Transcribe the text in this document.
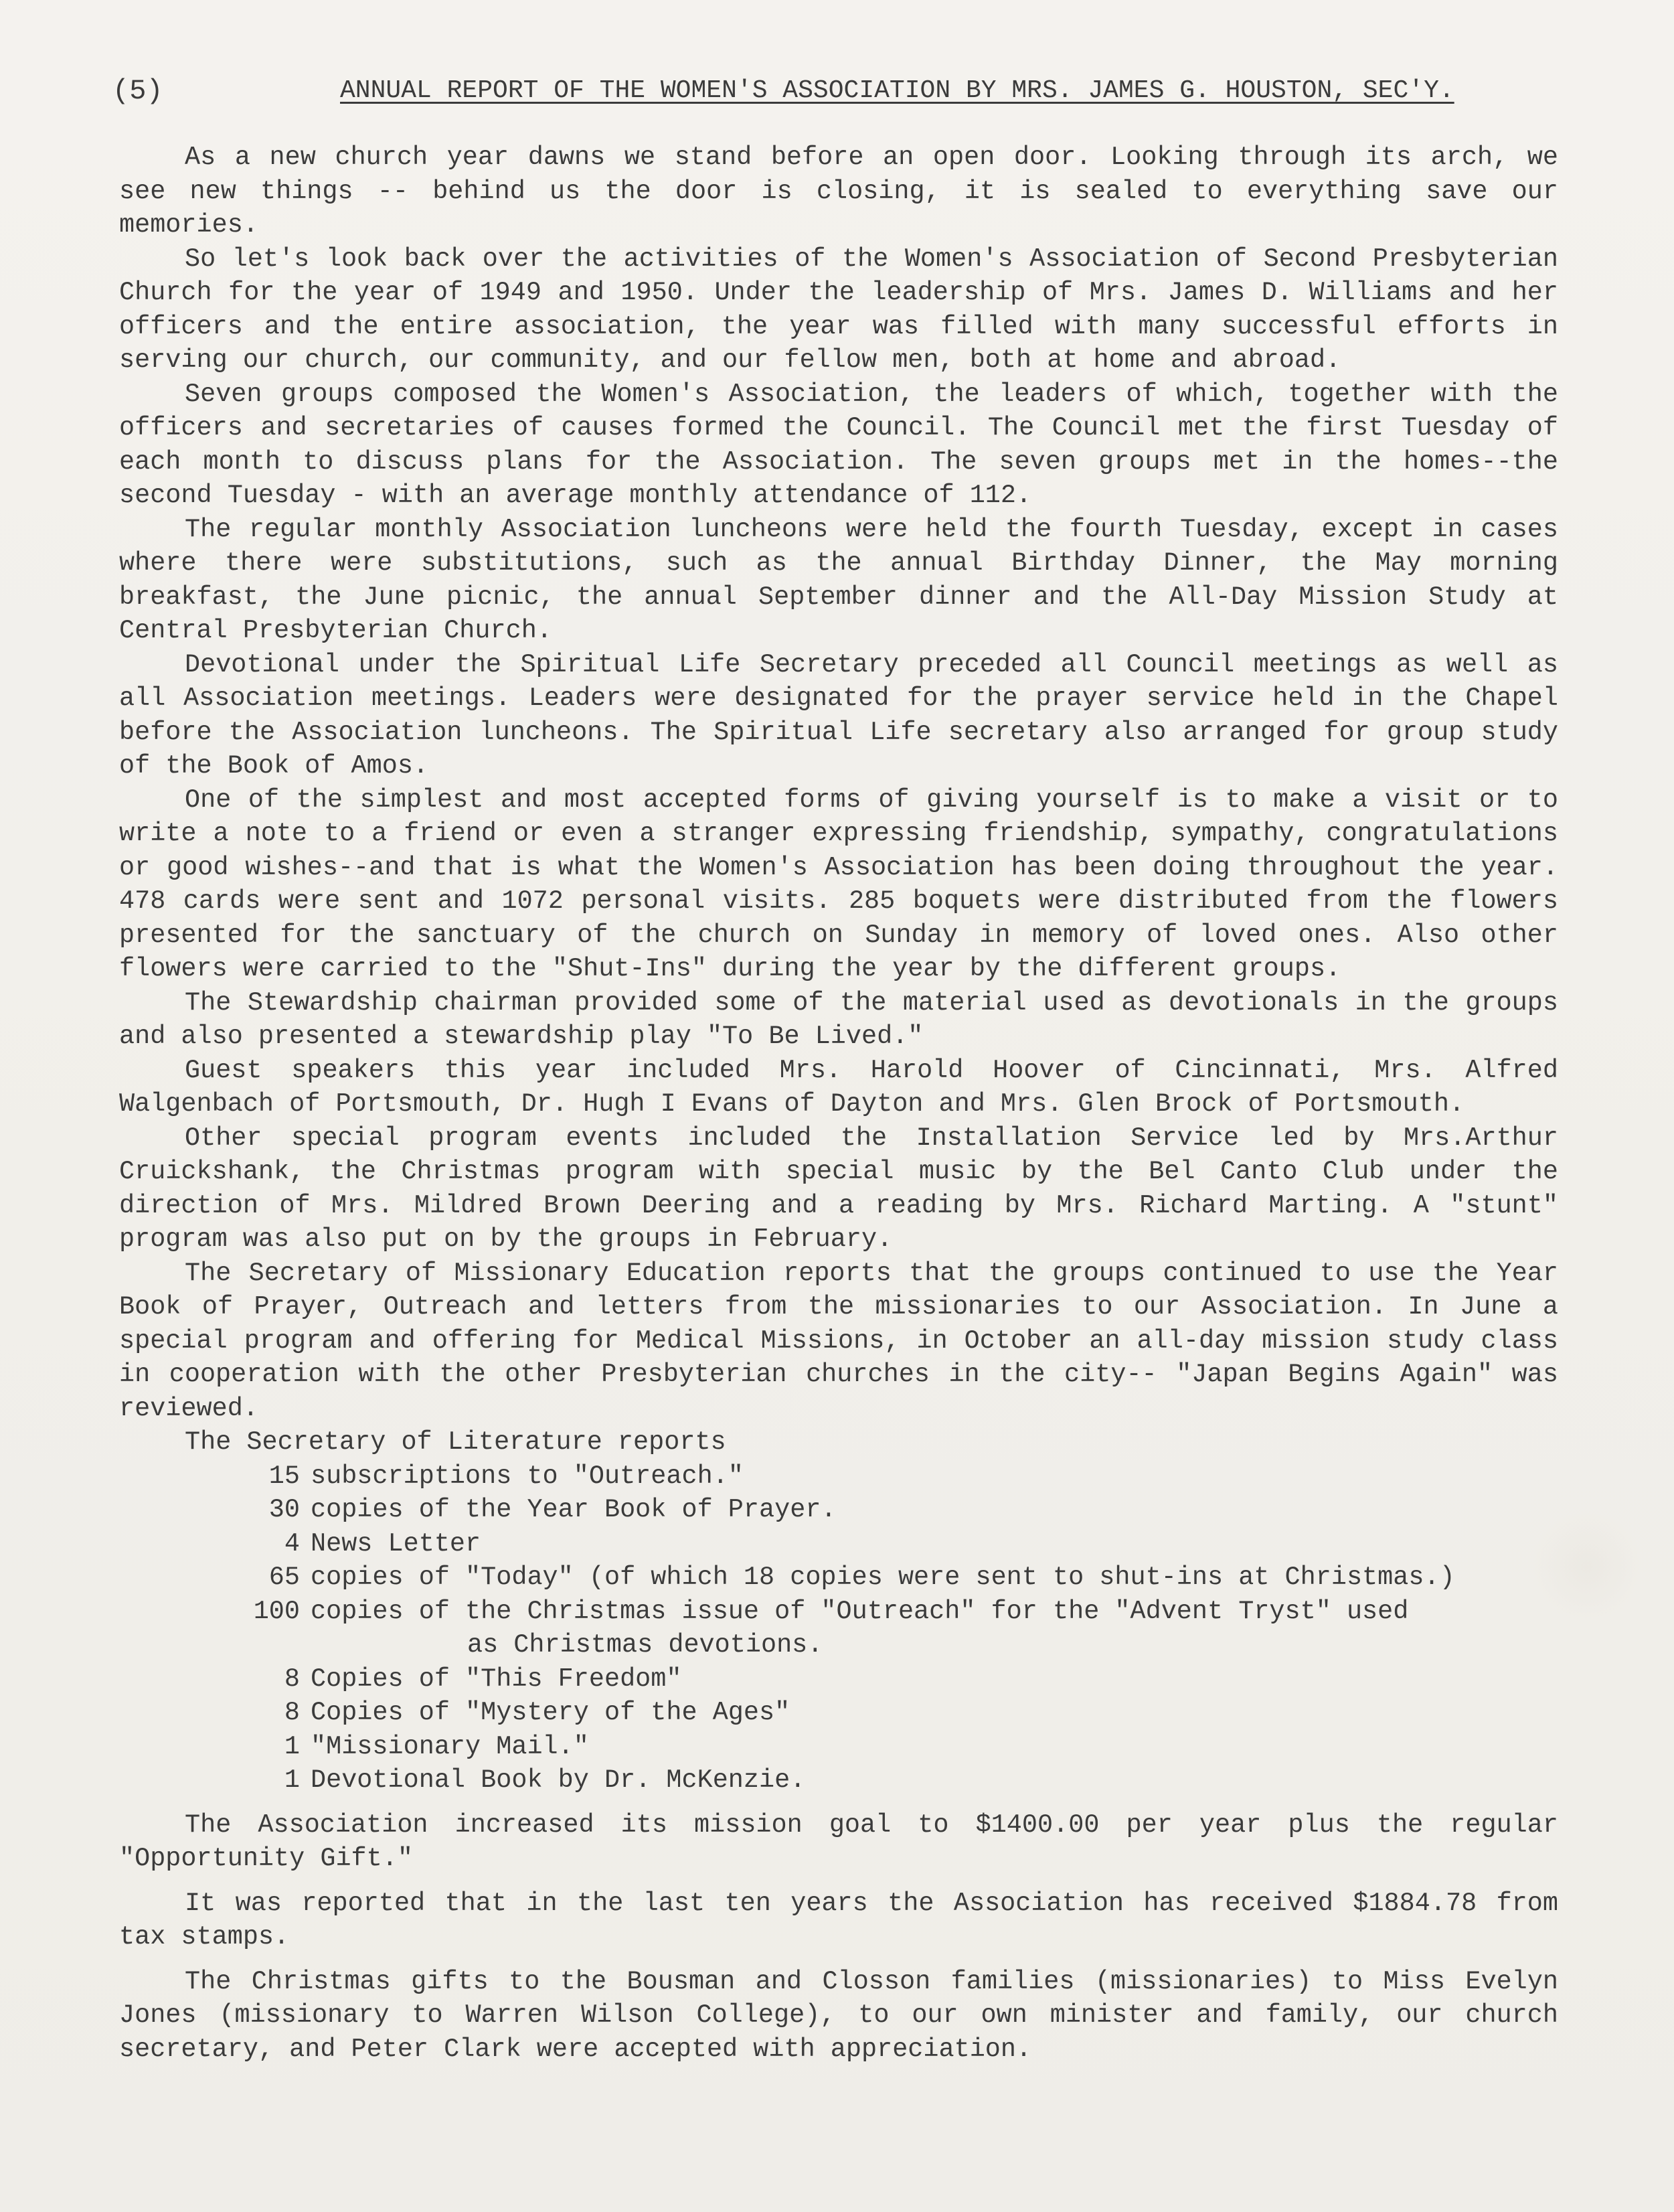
(5)	ANNUAL REPORT OF THE WOMEN'S ASSOCIATION BY MRS. JAMES G. HOUSTON, SEC'Y.

As a new church year dawns we stand before an open door. Looking through its arch, we see new things -- behind us the door is closing, it is sealed to everything save our memories.

So let's look back over the activities of the Women's Association of Second Presbyterian Church for the year of 1949 and 1950. Under the leadership of Mrs. James D. Williams and her officers and the entire association, the year was filled with many successful efforts in serving our church, our community, and our fellow men, both at home and abroad.

Seven groups composed the Women's Association, the leaders of which, together with the officers and secretaries of causes formed the Council. The Council met the first Tuesday of each month to discuss plans for the Association. The seven groups met in the homes--the second Tuesday - with an average monthly attendance of 112.

The regular monthly Association luncheons were held the fourth Tuesday, except in cases where there were substitutions, such as the annual Birthday Dinner, the May morning breakfast, the June picnic, the annual September dinner and the All-Day Mission Study at Central Presbyterian Church.

Devotional under the Spiritual Life Secretary preceded all Council meetings as well as all Association meetings. Leaders were designated for the prayer service held in the Chapel before the Association luncheons. The Spiritual Life secretary also arranged for group study of the Book of Amos.

One of the simplest and most accepted forms of giving yourself is to make a visit or to write a note to a friend or even a stranger expressing friendship, sympathy, congratulations or good wishes--and that is what the Women's Association has been doing throughout the year. 478 cards were sent and 1072 personal visits. 285 boquets were distributed from the flowers presented for the sanctuary of the church on Sunday in memory of loved ones. Also other flowers were carried to the "Shut-Ins" during the year by the different groups.

The Stewardship chairman provided some of the material used as devotionals in the groups and also presented a stewardship play "To Be Lived."

Guest speakers this year included Mrs. Harold Hoover of Cincinnati, Mrs. Alfred Walgenbach of Portsmouth, Dr. Hugh I Evans of Dayton and Mrs. Glen Brock of Portsmouth.

Other special program events included the Installation Service led by Mrs.Arthur Cruickshank, the Christmas program with special music by the Bel Canto Club under the direction of Mrs. Mildred Brown Deering and a reading by Mrs. Richard Marting. A "stunt" program was also put on by the groups in February.

The Secretary of Missionary Education reports that the groups continued to use the Year Book of Prayer, Outreach and letters from the missionaries to our Association. In June a special program and offering for Medical Missions, in October an all-day mission study class in cooperation with the other Presbyterian churches in the city-- "Japan Begins Again" was reviewed.

The Secretary of Literature reports

15 subscriptions to "Outreach."
30 copies of the Year Book of Prayer.
4 News Letter
65 copies of "Today" (of which 18 copies were sent to shut-ins at Christmas.)
100 copies of the Christmas issue of "Outreach" for the "Advent Tryst" used
as Christmas devotions.
8 Copies of "This Freedom"
8 Copies of "Mystery of the Ages"
1 "Missionary Mail."
1 Devotional Book by Dr. McKenzie.

The Association increased its mission goal to $1400.00 per year plus the regular "Opportunity Gift."

It was reported that in the last ten years the Association has received $1884.78 from tax stamps.

The Christmas gifts to the Bousman and Closson families (missionaries) to Miss Evelyn Jones (missionary to Warren Wilson College), to our own minister and family, our church secretary, and Peter Clark were accepted with appreciation.
